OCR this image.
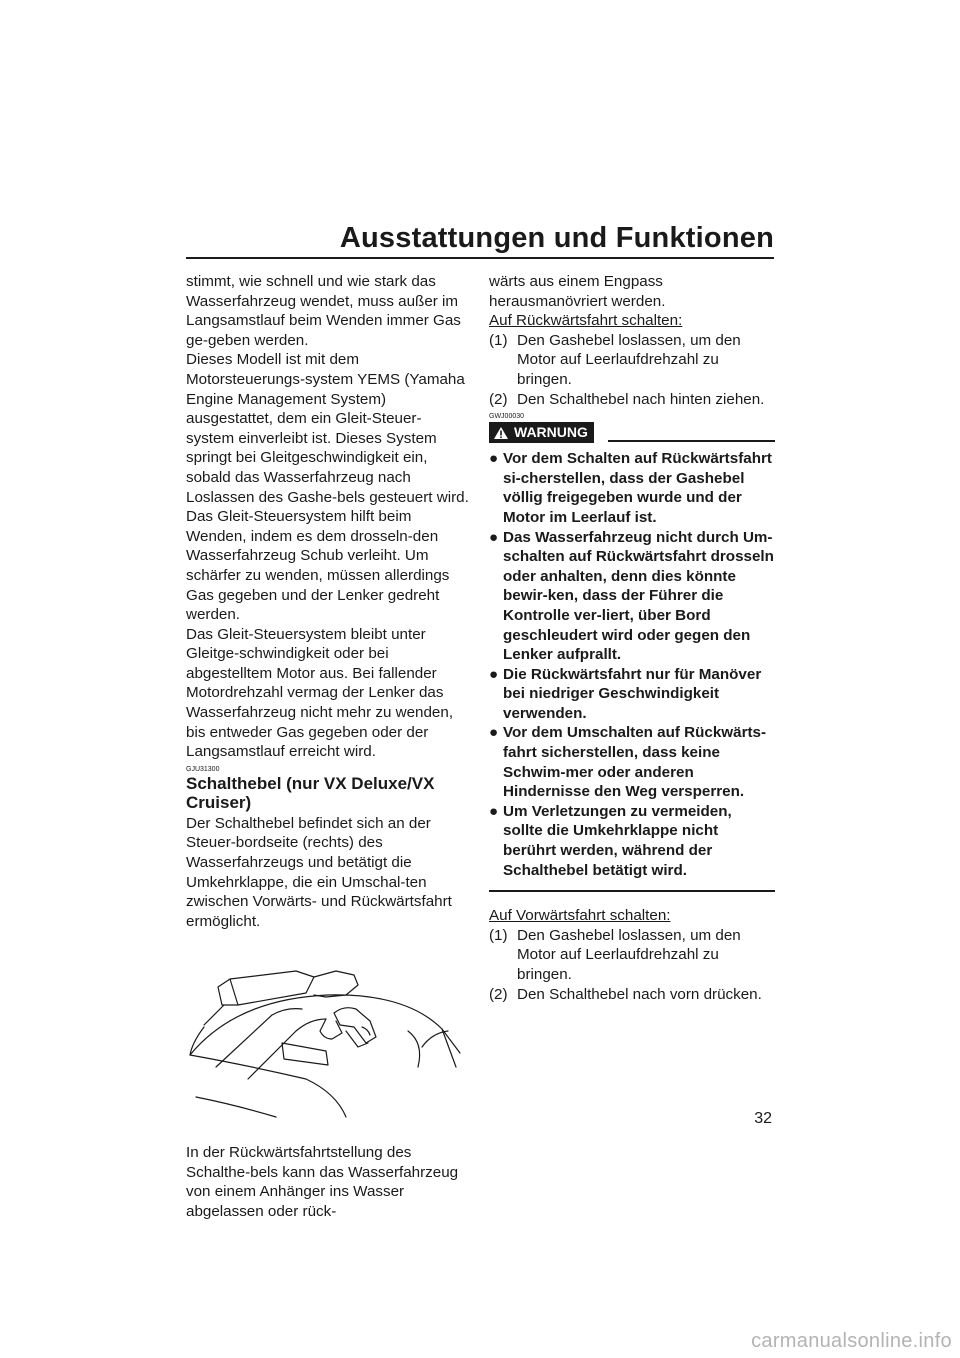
Ausstattungen und Funktionen

stimmt, wie schnell und wie stark das Wasserfahrzeug wendet, muss außer im Langsamstlauf beim Wenden immer Gas ge-geben werden.

Dieses Modell ist mit dem Motorsteuerungs-system YEMS (Yamaha Engine Management System) ausgestattet, dem ein Gleit-Steuer-system einverleibt ist. Dieses System springt bei Gleitgeschwindigkeit ein, sobald das Wasserfahrzeug nach Loslassen des Gashe-bels gesteuert wird. Das Gleit-Steuersystem hilft beim Wenden, indem es dem drosseln-den Wasserfahrzeug Schub verleiht. Um schärfer zu wenden, müssen allerdings Gas gegeben und der Lenker gedreht werden.

Das Gleit-Steuersystem bleibt unter Gleitge-schwindigkeit oder bei abgestelltem Motor aus. Bei fallender Motordrehzahl vermag der Lenker das Wasserfahrzeug nicht mehr zu wenden, bis entweder Gas gegeben oder der Langsamstlauf erreicht wird.

GJU31300
Schalthebel (nur VX Deluxe/VX Cruiser)

Der Schalthebel befindet sich an der Steuer-bordseite (rechts) des Wasserfahrzeugs und betätigt die Umkehrklappe, die ein Umschal-ten zwischen Vorwärts- und Rückwärtsfahrt ermöglicht.

In der Rückwärtsfahrtstellung des Schalthe-bels kann das Wasserfahrzeug von einem Anhänger ins Wasser abgelassen oder rück-

wärts aus einem Engpass herausmanövriert werden.

Auf Rückwärtsfahrt schalten:
(1) Den Gashebel loslassen, um den Motor auf Leerlaufdrehzahl zu bringen.
(2) Den Schalthebel nach hinten ziehen.
GWJ00030
WARNUNG
● Vor dem Schalten auf Rückwärtsfahrt si-cherstellen, dass der Gashebel völlig freigegeben wurde und der Motor im Leerlauf ist.
● Das Wasserfahrzeug nicht durch Um-schalten auf Rückwärtsfahrt drosseln oder anhalten, denn dies könnte bewir-ken, dass der Führer die Kontrolle ver-liert, über Bord geschleudert wird oder gegen den Lenker aufprallt.
● Die Rückwärtsfahrt nur für Manöver bei niedriger Geschwindigkeit verwenden.
● Vor dem Umschalten auf Rückwärts-fahrt sicherstellen, dass keine Schwim-mer oder anderen Hindernisse den Weg versperren.
● Um Verletzungen zu vermeiden, sollte die Umkehrklappe nicht berührt werden, während der Schalthebel betätigt wird.
Auf Vorwärtsfahrt schalten:
(1) Den Gashebel loslassen, um den Motor auf Leerlaufdrehzahl zu bringen.
(2) Den Schalthebel nach vorn drücken.
32
carmanualsonline.info
